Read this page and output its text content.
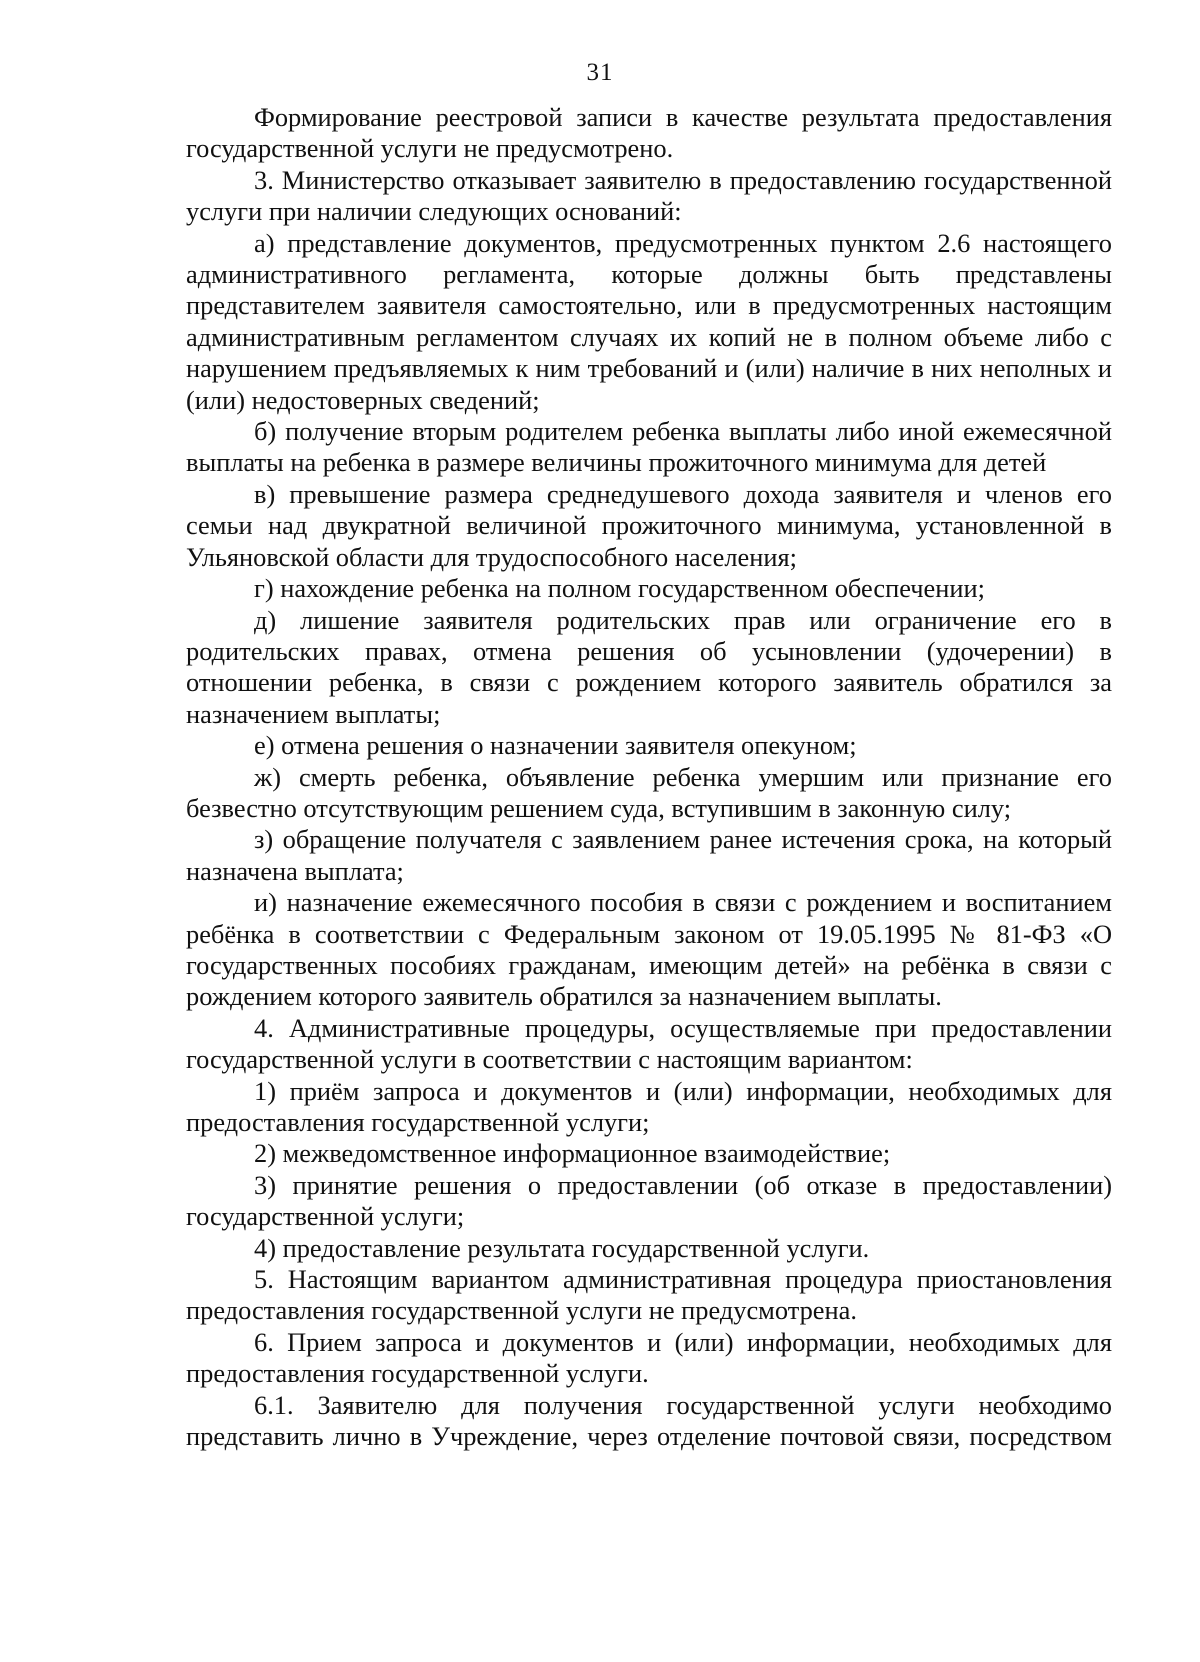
31

Формирование реестровой записи в качестве результата предоставления государственной услуги не предусмотрено.

3. Министерство отказывает заявителю в предоставлению государственной услуги при наличии следующих оснований:

а) представление документов, предусмотренных пунктом 2.6 настоящего административного регламента, которые должны быть представлены представителем заявителя самостоятельно, или в предусмотренных настоящим административным регламентом случаях их копий не в полном объеме либо с нарушением предъявляемых к ним требований и (или) наличие в них неполных и (или) недостоверных сведений;

б) получение вторым родителем ребенка выплаты либо иной ежемесячной выплаты на ребенка в размере величины прожиточного минимума для детей

в) превышение размера среднедушевого дохода заявителя и членов его семьи над двукратной величиной прожиточного минимума, установленной в Ульяновской области для трудоспособного населения;

г) нахождение ребенка на полном государственном обеспечении;

д) лишение заявителя родительских прав или ограничение его в родительских правах, отмена решения об усыновлении (удочерении) в отношении ребенка, в связи с рождением которого заявитель обратился за назначением выплаты;

е) отмена решения о назначении заявителя опекуном;

ж) смерть ребенка, объявление ребенка умершим или признание его безвестно отсутствующим решением суда, вступившим в законную силу;

з) обращение получателя с заявлением ранее истечения срока, на который назначена выплата;

и) назначение ежемесячного пособия в связи с рождением и воспитанием ребёнка в соответствии с Федеральным законом от 19.05.1995 № 81-ФЗ «О государственных пособиях гражданам, имеющим детей» на ребёнка в связи с рождением которого заявитель обратился за назначением выплаты.

4. Административные процедуры, осуществляемые при предоставлении государственной услуги в соответствии с настоящим вариантом:

1) приём запроса и документов и (или) информации, необходимых для предоставления государственной услуги;

2) межведомственное информационное взаимодействие;

3) принятие решения о предоставлении (об отказе в предоставлении) государственной услуги;

4) предоставление результата государственной услуги.

5. Настоящим вариантом административная процедура приостановления предоставления государственной услуги не предусмотрена.

6. Прием запроса и документов и (или) информации, необходимых для предоставления государственной услуги.

6.1. Заявителю для получения государственной услуги необходимо представить лично в Учреждение, через отделение почтовой связи, посредством
